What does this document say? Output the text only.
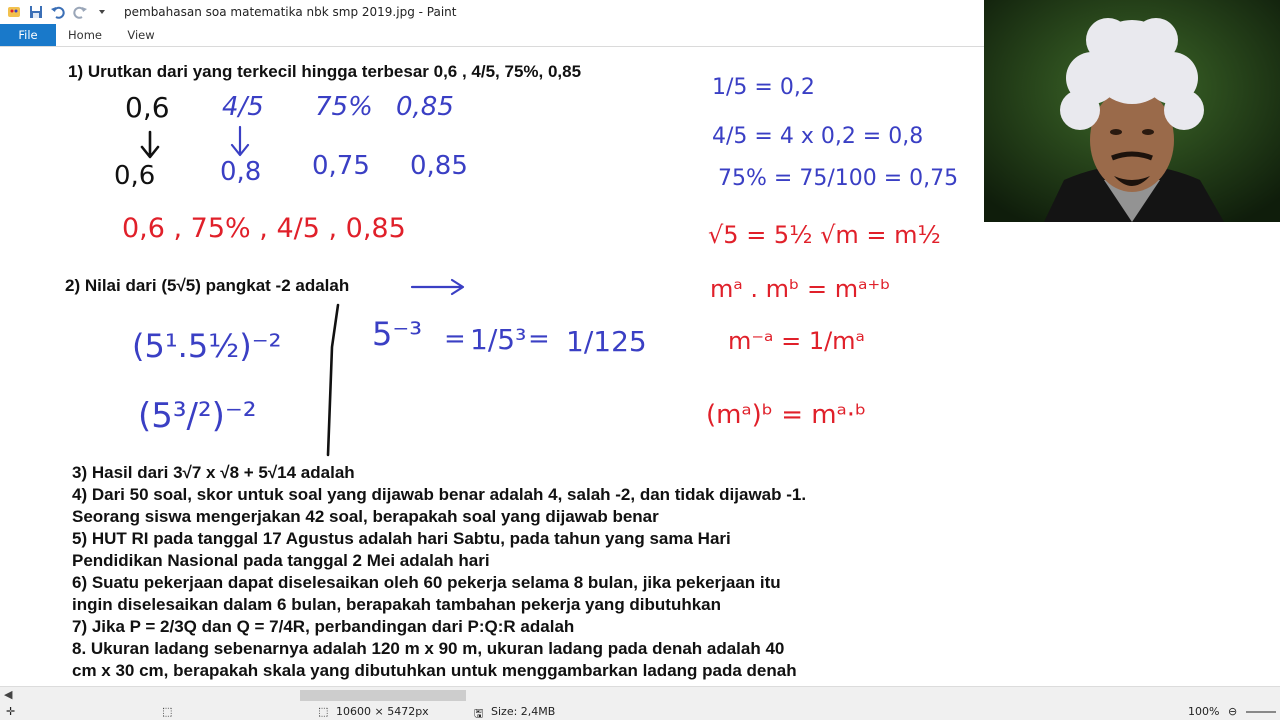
pembahasan soa matematika nbk smp 2019.jpg - Paint
File	Home	View
1) Urutkan dari yang terkecil hingga terbesar 0,6 , 4/5, 75%, 0,85
2) Nilai dari (5√5) pangkat -2 adalah
0,6 4/5 75% 0,85
0,6 0,8 0,75 0,85
0,6 , 75% , 4/5 , 0,85
(5¹.5½)⁻²
(5³/²)⁻²
5⁻³ = 1/5³ = 1/125
1/5 = 0,2
4/5 = 4 x 0,2 = 0,8
75% = 75/100 = 0,75
√5 = 5½ √m = m½
mᵃ . mᵇ = mᵃ⁺ᵇ
m⁻ᵃ = 1/mᵃ
(mᵃ)ᵇ = mᵃ·ᵇ
3) Hasil dari 3√7 x √8 + 5√14 adalah
4) Dari 50 soal, skor untuk soal yang dijawab benar adalah 4, salah -2, dan tidak dijawab -1.
Seorang siswa mengerjakan 42 soal, berapakah soal yang dijawab benar
5) HUT RI pada tanggal 17 Agustus adalah hari Sabtu, pada tahun yang sama Hari
Pendidikan Nasional pada tanggal 2 Mei adalah hari
6) Suatu pekerjaan dapat diselesaikan oleh 60 pekerja selama 8 bulan, jika pekerjaan itu
ingin diselesaikan dalam 6 bulan, berapakah tambahan pekerja yang dibutuhkan
7) Jika P = 2/3Q dan Q = 7/4R, perbandingan dari P:Q:R adalah
8. Ukuran ladang sebenarnya adalah 120 m x 90 m, ukuran ladang pada denah adalah 40
cm x 30 cm, berapakah skala yang dibutuhkan untuk menggambarkan ladang pada denah
◀
✛	⬚	⬚ 10600 × 5472px	🖫 Size: 2,4MB	100% ⊖
